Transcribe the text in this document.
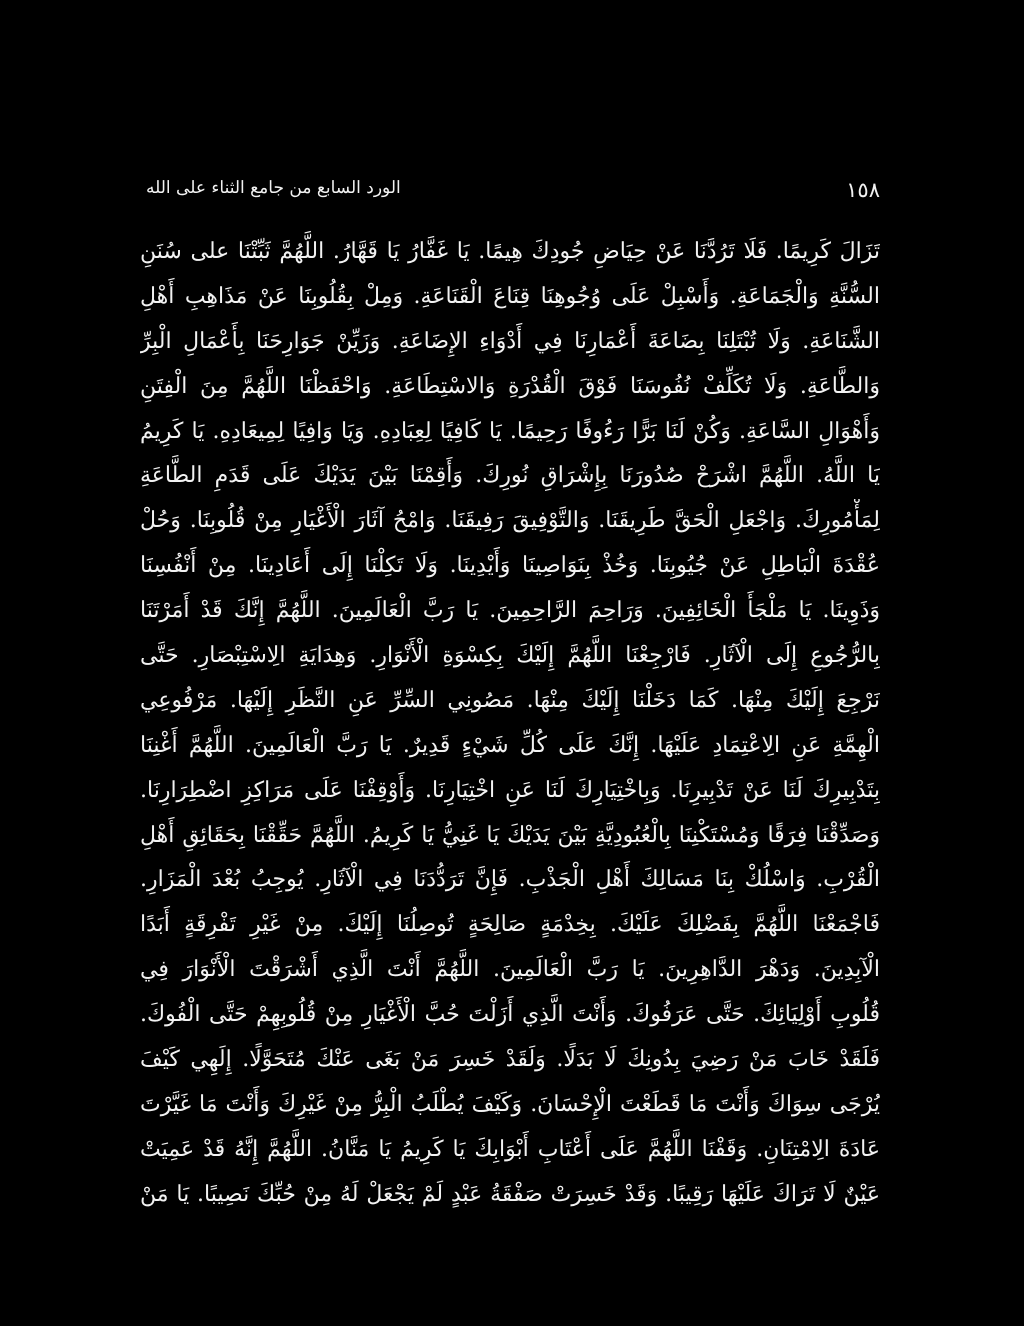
١٥٨
الورد السابع من جامع الثناء على الله
تَزَالَ كَرِيمًا. فَلَا تَرُدَّنَا عَنْ حِيَاضِ جُودِكَ هِيمًا. يَا غَفَّارُ يَا قَهَّارُ. اللَّهُمَّ ثَبِّتْنَا على سُنَنِ
السُّنَّةِ وَالْجَمَاعَةِ. وَأَسْبِلْ عَلَى وُجُوهِنَا قِنَاعَ الْقَنَاعَةِ. وَمِلْ بِقُلُوبِنَا عَنْ مَذَاهِبِ أَهْلِ
الشَّنَاعَةِ. وَلَا تُبْتَلِنَا بِضَاعَةَ أَعْمَارِنَا فِي أَدْوَاءِ الإِضَاعَةِ. وَزَيِّنْ جَوَارِحَنَا بِأَعْمَالِ الْبِرِّ
وَالطَّاعَةِ. وَلَا تُكَلِّفْ نُفُوسَنَا فَوْقَ الْقُدْرَةِ وَالاسْتِطَاعَةِ. وَاحْفَظْنَا اللَّهُمَّ مِنَ الْفِتَنِ
وَأَهْوَالِ السَّاعَةِ. وَكُنْ لَنَا بَرًّا رَءُوفًا رَحِيمًا. يَا كَافِيًا لِعِبَادِهِ. وَيَا وَافِيًا لِمِيعَادِهِ. يَا كَرِيمُ
يَا اللَّهُ. اللَّهُمَّ اشْرَحْ صُدُورَنَا بِإِشْرَاقِ نُورِكَ. وَأَقِمْنَا بَيْنَ يَدَيْكَ عَلَى قَدَمِ الطَّاعَةِ
لِمَأْمُورِكَ. وَاجْعَلِ الْحَقَّ طَرِيقَنَا. وَالتَّوْفِيقَ رَفِيقَنَا. وَامْحُ آثَارَ الْأَغْيَارِ مِنْ قُلُوبِنَا. وَحُلْ
عُقْدَةَ الْبَاطِلِ عَنْ جُيُوبِنَا. وَخُذْ بِنَوَاصِينَا وَأَيْدِينَا. وَلَا تَكِلْنَا إِلَى أَعَادِينَا. مِنْ أَنْفُسِنَا
وَذَوِينَا. يَا مَلْجَأَ الْخَائِفِينَ. وَرَاحِمَ الرَّاحِمِينَ. يَا رَبَّ الْعَالَمِينَ. اللَّهُمَّ إِنَّكَ قَدْ أَمَرْتَنَا
بِالرُّجُوعِ إِلَى الْآثَارِ. فَارْجِعْنَا اللَّهُمَّ إِلَيْكَ بِكِسْوَةِ الْأَنْوَارِ. وَهِدَايَةِ الِاسْتِبْصَارِ. حَتَّى
نَرْجِعَ إِلَيْكَ مِنْهَا. كَمَا دَخَلْنَا إِلَيْكَ مِنْهَا. مَصُونِي السِّرِّ عَنِ النَّظَرِ إِلَيْهَا. مَرْفُوعِي
الْهِمَّةِ عَنِ الِاعْتِمَادِ عَلَيْهَا. إِنَّكَ عَلَى كُلِّ شَيْءٍ قَدِيرٌ. يَا رَبَّ الْعَالَمِينَ. اللَّهُمَّ أَغْنِنَا
بِتَدْبِيرِكَ لَنَا عَنْ تَدْبِيرِنَا. وَبِاخْتِيَارِكَ لَنَا عَنِ اخْتِيَارِنَا. وَأَوْقِفْنَا عَلَى مَرَاكِزِ اضْطِرَارِنَا.
وَصَدِّقْنَا فِرَقًا وَمُسْتَكْنِنَا بِالْعُبُودِيَّةِ بَيْنَ يَدَيْكَ يَا غَنِيُّ يَا كَرِيمُ. اللَّهُمَّ حَقِّقْنَا بِحَقَائِقِ أَهْلِ
الْقُرْبِ. وَاسْلُكْ بِنَا مَسَالِكَ أَهْلِ الْجَذْبِ. فَإِنَّ تَرَدُّدَنَا فِي الْآثَارِ. يُوجِبُ بُعْدَ الْمَزَارِ.
فَاجْمَعْنَا اللَّهُمَّ بِفَضْلِكَ عَلَيْكَ. بِخِدْمَةٍ صَالِحَةٍ تُوصِلُنَا إِلَيْكَ. مِنْ غَيْرِ تَفْرِقَةٍ أَبَدًا
الْآبِدِينَ. وَدَهْرَ الدَّاهِرِينَ. يَا رَبَّ الْعَالَمِينَ. اللَّهُمَّ أَنْتَ الَّذِي أَشْرَقْتَ الْأَنْوَارَ فِي
قُلُوبِ أَوْلِيَائِكَ. حَتَّى عَرَفُوكَ. وَأَنْتَ الَّذِي أَزَلْتَ حُبَّ الْأَغْيَارِ مِنْ قُلُوبِهِمْ حَتَّى الْفُوكَ.
فَلَقَدْ خَابَ مَنْ رَضِيَ بِدُونِكَ لَا بَدَلًا. وَلَقَدْ خَسِرَ مَنْ بَغَى عَنْكَ مُتَحَوَّلًا. إِلَهِي كَيْفَ
يُرْجَى سِوَاكَ وَأَنْتَ مَا قَطَعْتَ الْإِحْسَانَ. وَكَيْفَ يُطْلَبُ الْبِرُّ مِنْ غَيْرِكَ وَأَنْتَ مَا غَيَّرْتَ
عَادَةَ الِامْتِنَانِ. وَقَفْنَا اللَّهُمَّ عَلَى أَعْتَابِ أَبْوَابِكَ يَا كَرِيمُ يَا مَنَّانُ. اللَّهُمَّ إِنَّهُ قَدْ عَمِيَتْ
عَيْنٌ لَا تَرَاكَ عَلَيْهَا رَقِيبًا. وَقَدْ خَسِرَتْ صَفْقَةُ عَبْدٍ لَمْ يَجْعَلْ لَهُ مِنْ حُبِّكَ نَصِيبًا. يَا مَنْ
